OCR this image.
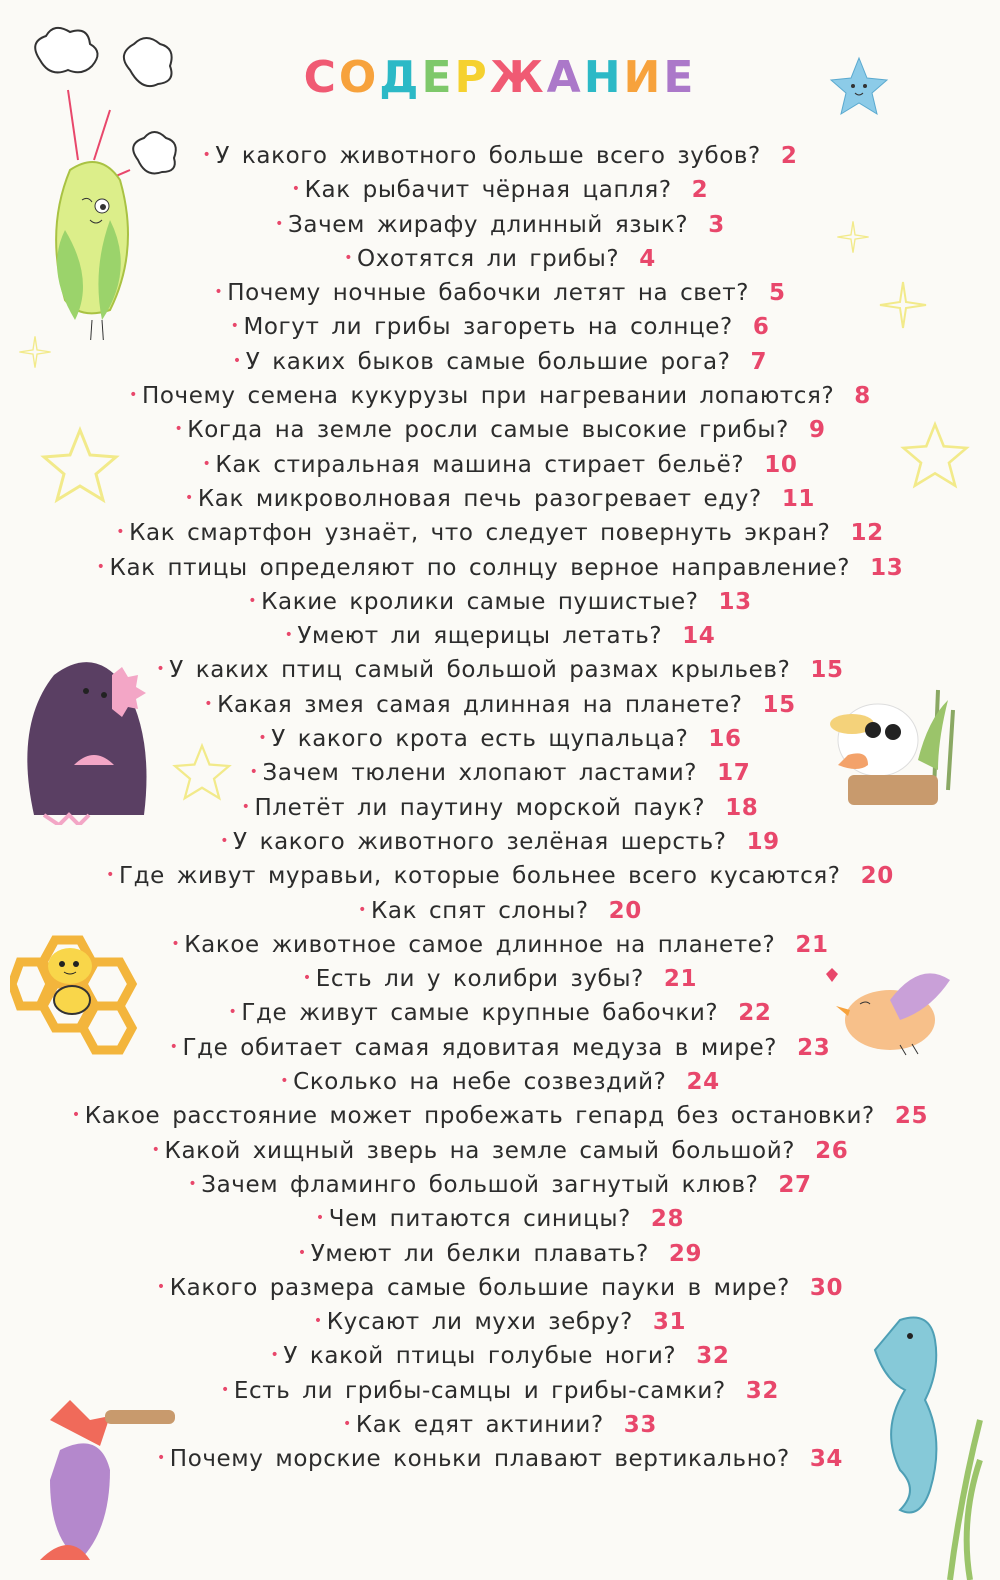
СОДЕРЖАНИЕ
• У какого животного больше всего зубов? 2
• Как рыбачит чёрная цапля? 2
• Зачем жирафу длинный язык? 3
• Охотятся ли грибы? 4
• Почему ночные бабочки летят на свет? 5
• Могут ли грибы загореть на солнце? 6
• У каких быков самые большие рога? 7
• Почему семена кукурузы при нагревании лопаются? 8
• Когда на земле росли самые высокие грибы? 9
• Как стиральная машина стирает бельё? 10
• Как микроволновая печь разогревает еду? 11
• Как смартфон узнаёт, что следует повернуть экран? 12
• Как птицы определяют по солнцу верное направление? 13
• Какие кролики самые пушистые? 13
• Умеют ли ящерицы летать? 14
• У каких птиц самый большой размах крыльев? 15
• Какая змея самая длинная на планете? 15
• У какого крота есть щупальца? 16
• Зачем тюлени хлопают ластами? 17
• Плетёт ли паутину морской паук? 18
• У какого животного зелёная шерсть? 19
• Где живут муравьи, которые больнее всего кусаются? 20
• Как спят слоны? 20
• Какое животное самое длинное на планете? 21
• Есть ли у колибри зубы? 21
• Где живут самые крупные бабочки? 22
• Где обитает самая ядовитая медуза в мире? 23
• Сколько на небе созвездий? 24
• Какое расстояние может пробежать гепард без остановки? 25
• Какой хищный зверь на земле самый большой? 26
• Зачем фламинго большой загнутый клюв? 27
• Чем питаются синицы? 28
• Умеют ли белки плавать? 29
• Какого размера самые большие пауки в мире? 30
• Кусают ли мухи зебру? 31
• У какой птицы голубые ноги? 32
• Есть ли грибы-самцы и грибы-самки? 32
• Как едят актинии? 33
• Почему морские коньки плавают вертикально? 34
